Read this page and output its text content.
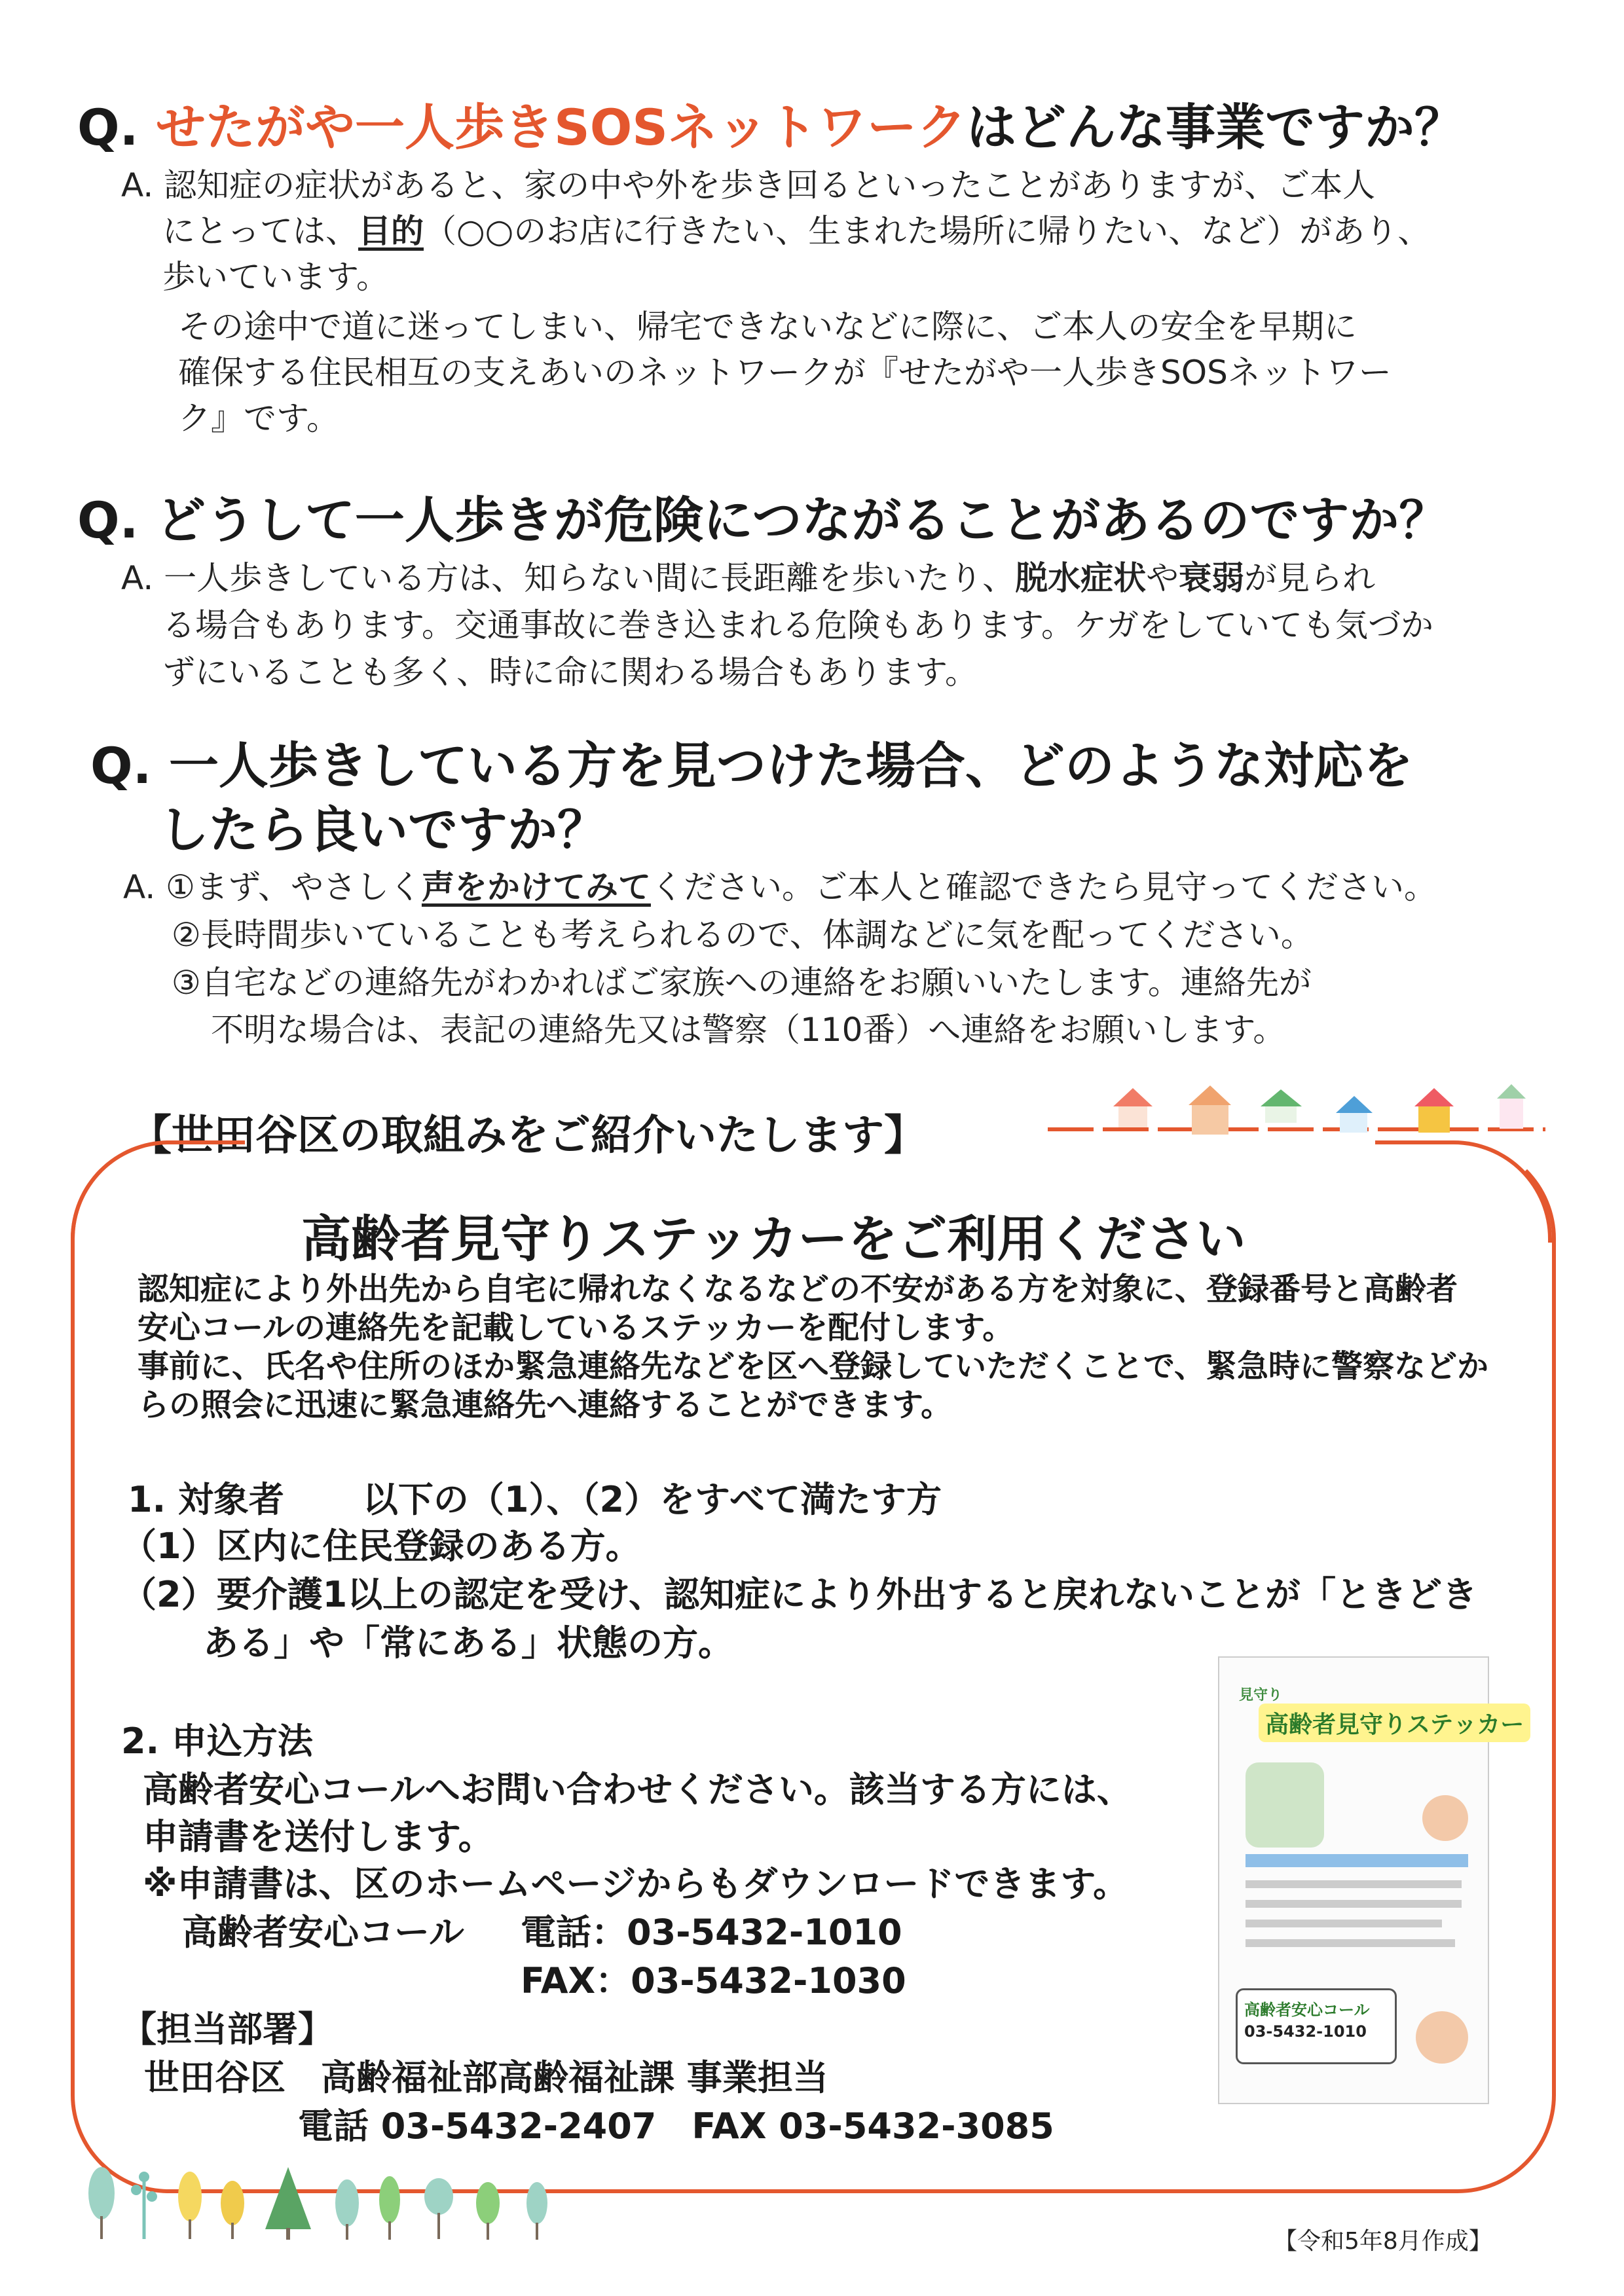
Q. せたがや一人歩きSOSネットワークはどんな事業ですか？
A. 認知症の症状があると、家の中や外を歩き回るといったことがありますが、ご本人
にとっては、目的（○○のお店に行きたい、生まれた場所に帰りたい、など）があり、
歩いています。
その途中で道に迷ってしまい、帰宅できないなどに際に、ご本人の安全を早期に
確保する住民相互の支えあいのネットワークが『せたがや一人歩きSOSネットワー
ク』です。
Q. どうして一人歩きが危険につながることがあるのですか？
A. 一人歩きしている方は、知らない間に長距離を歩いたり、脱水症状や衰弱が見られ
る場合もあります。交通事故に巻き込まれる危険もあります。ケガをしていても気づか
ずにいることも多く、時に命に関わる場合もあります。
Q. 一人歩きしている方を見つけた場合、どのような対応を
したら良いですか？
A. ①まず、やさしく声をかけてみてください。ご本人と確認できたら見守ってください。
②長時間歩いていることも考えられるので、体調などに気を配ってください。
③自宅などの連絡先がわかればご家族への連絡をお願いいたします。連絡先が
不明な場合は、表記の連絡先又は警察（110番）へ連絡をお願いします。
【世田谷区の取組みをご紹介いたします】
高齢者見守りステッカーをご利用ください
認知症により外出先から自宅に帰れなくなるなどの不安がある方を対象に、登録番号と高齢者
安心コールの連絡先を記載しているステッカーを配付します。
事前に、氏名や住所のほか緊急連絡先などを区へ登録していただくことで、緊急時に警察などか
らの照会に迅速に緊急連絡先へ連絡することができます。
1. 対象者 以下の（1）、（2）をすべて満たす方
（1）区内に住民登録のある方。
（2）要介護1以上の認定を受け、認知症により外出すると戻れないことが「ときどき
ある」や「常にある」状態の方。
2. 申込方法
高齢者安心コールへお問い合わせください。該当する方には、
申請書を送付します。
※申請書は、区のホームページからもダウンロードできます。
高齢者安心コール 電話：03-5432-1010
FAX：03-5432-1030
【担当部署】
世田谷区　高齢福祉部高齢福祉課 事業担当
電話 03-5432-2407　FAX 03-5432-3085
見守り
高齢者見守りステッカー
高齢者安心コール
03-5432-1010
【令和5年8月作成】
